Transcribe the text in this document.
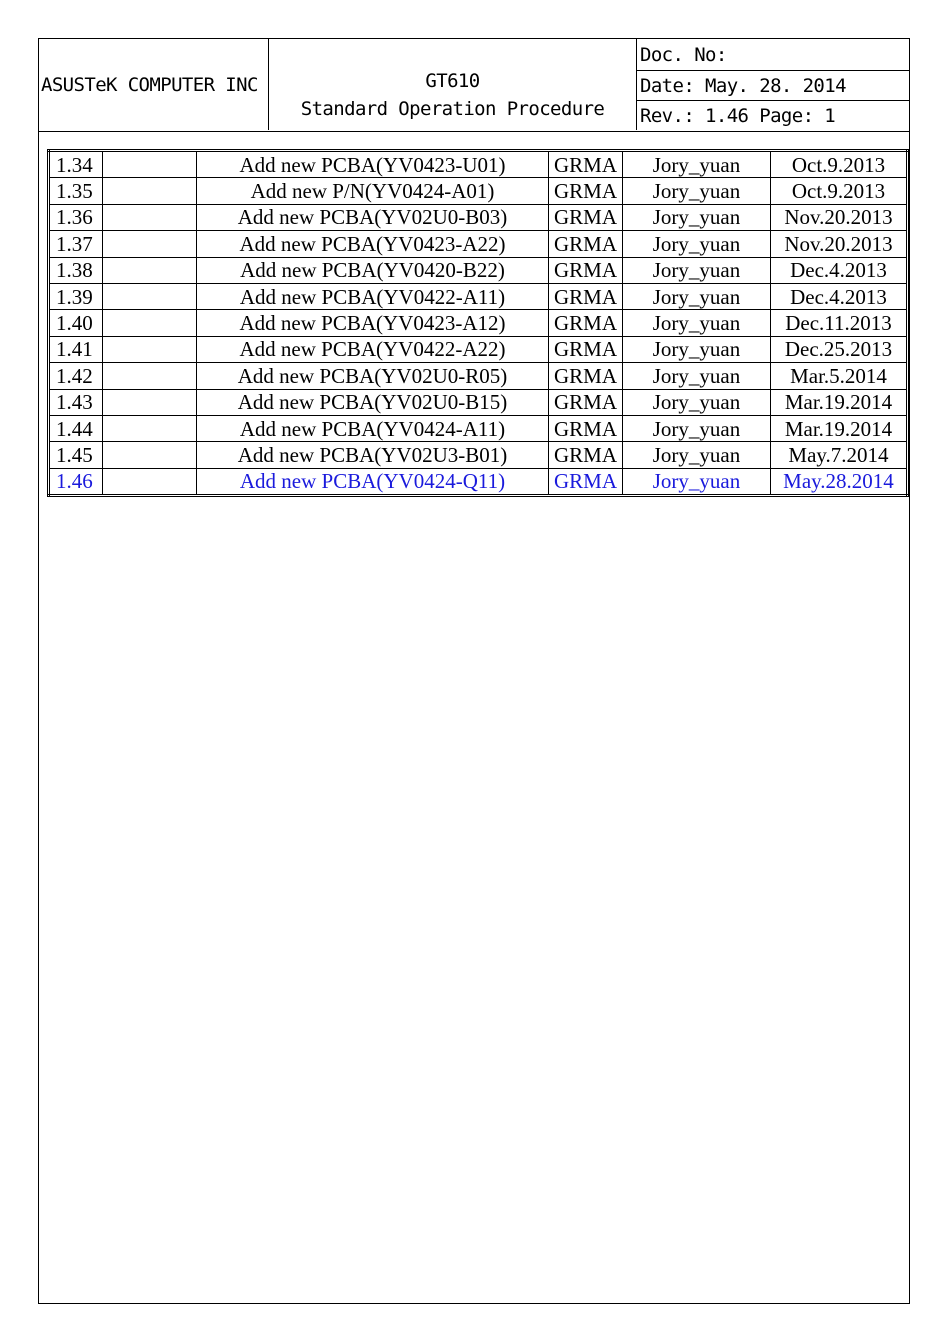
ASUSTeK COMPUTER INC	GT610
Standard Operation Procedure
Doc. No:
Date: May. 28. 2014
Rev.: 1.46 Page: 1
1.34		Add new PCBA(YV0423-U01)	GRMA	Jory_yuan	Oct.9.2013
1.35		Add new P/N(YV0424-A01)	GRMA	Jory_yuan	Oct.9.2013
1.36		Add new PCBA(YV02U0-B03)	GRMA	Jory_yuan	Nov.20.2013
1.37		Add new PCBA(YV0423-A22)	GRMA	Jory_yuan	Nov.20.2013
1.38		Add new PCBA(YV0420-B22)	GRMA	Jory_yuan	Dec.4.2013
1.39		Add new PCBA(YV0422-A11)	GRMA	Jory_yuan	Dec.4.2013
1.40		Add new PCBA(YV0423-A12)	GRMA	Jory_yuan	Dec.11.2013
1.41		Add new PCBA(YV0422-A22)	GRMA	Jory_yuan	Dec.25.2013
1.42		Add new PCBA(YV02U0-R05)	GRMA	Jory_yuan	Mar.5.2014
1.43		Add new PCBA(YV02U0-B15)	GRMA	Jory_yuan	Mar.19.2014
1.44		Add new PCBA(YV0424-A11)	GRMA	Jory_yuan	Mar.19.2014
1.45		Add new PCBA(YV02U3-B01)	GRMA	Jory_yuan	May.7.2014
1.46		Add new PCBA(YV0424-Q11)	GRMA	Jory_yuan	May.28.2014
